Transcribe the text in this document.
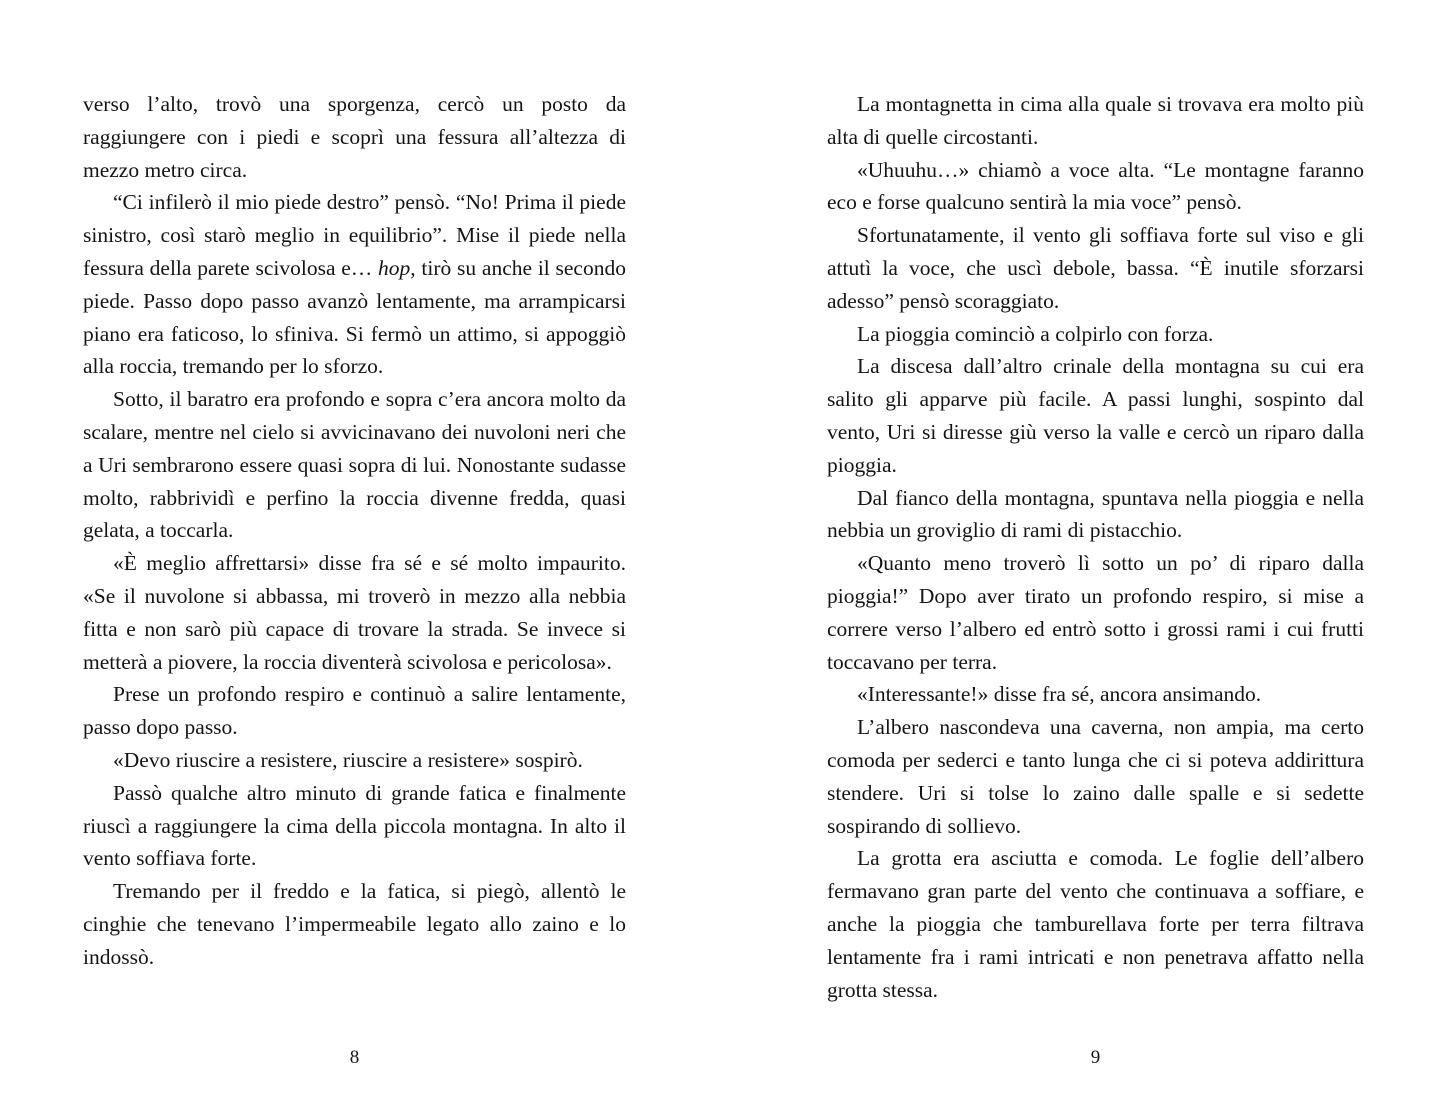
verso l’alto, trovò una sporgenza, cercò un posto da raggiungere con i piedi e scoprì una fessura all’altezza di mezzo metro circa.

“Ci infilerò il mio piede destro” pensò. “No! Prima il piede sinistro, così starò meglio in equilibrio”. Mise il piede nella fessura della parete scivolosa e… hop, tirò su anche il secondo piede. Passo dopo passo avanzò lentamente, ma arrampicarsi piano era faticoso, lo sfiniva. Si fermò un attimo, si appoggiò alla roccia, tremando per lo sforzo.

Sotto, il baratro era profondo e sopra c’era ancora molto da scalare, mentre nel cielo si avvicinavano dei nuvoloni neri che a Uri sembrarono essere quasi sopra di lui. Nonostante sudasse molto, rabbrividì e perfino la roccia divenne fredda, quasi gelata, a toccarla.

«È meglio affrettarsi» disse fra sé e sé molto impaurito. «Se il nuvolone si abbassa, mi troverò in mezzo alla nebbia fitta e non sarò più capace di trovare la strada. Se invece si metterà a piovere, la roccia diventerà scivolosa e pericolosa».

Prese un profondo respiro e continuò a salire lentamente, passo dopo passo.

«Devo riuscire a resistere, riuscire a resistere» sospirò.

Passò qualche altro minuto di grande fatica e finalmente riuscì a raggiungere la cima della piccola montagna. In alto il vento soffiava forte.

Tremando per il freddo e la fatica, si piegò, allentò le cinghie che tenevano l’impermeabile legato allo zaino e lo indossò.

La montagnetta in cima alla quale si trovava era molto più alta di quelle circostanti.

«Uhuuhu…» chiamò a voce alta. “Le montagne faranno eco e forse qualcuno sentirà la mia voce” pensò.

Sfortunatamente, il vento gli soffiava forte sul viso e gli attutì la voce, che uscì debole, bassa. “È inutile sforzarsi adesso” pensò scoraggiato.

La pioggia cominciò a colpirlo con forza.

La discesa dall’altro crinale della montagna su cui era salito gli apparve più facile. A passi lunghi, sospinto dal vento, Uri si diresse giù verso la valle e cercò un riparo dalla pioggia.

Dal fianco della montagna, spuntava nella pioggia e nella nebbia un groviglio di rami di pistacchio.

«Quanto meno troverò lì sotto un po’ di riparo dalla pioggia!” Dopo aver tirato un profondo respiro, si mise a correre verso l’albero ed entrò sotto i grossi rami i cui frutti toccavano per terra.

«Interessante!» disse fra sé, ancora ansimando.

L’albero nascondeva una caverna, non ampia, ma certo comoda per sederci e tanto lunga che ci si poteva addirittura stendere. Uri si tolse lo zaino dalle spalle e si sedette sospirando di sollievo.

La grotta era asciutta e comoda. Le foglie dell’albero fermavano gran parte del vento che continuava a soffiare, e anche la pioggia che tamburellava forte per terra filtrava lentamente fra i rami intricati e non penetrava affatto nella grotta stessa.

8	9
